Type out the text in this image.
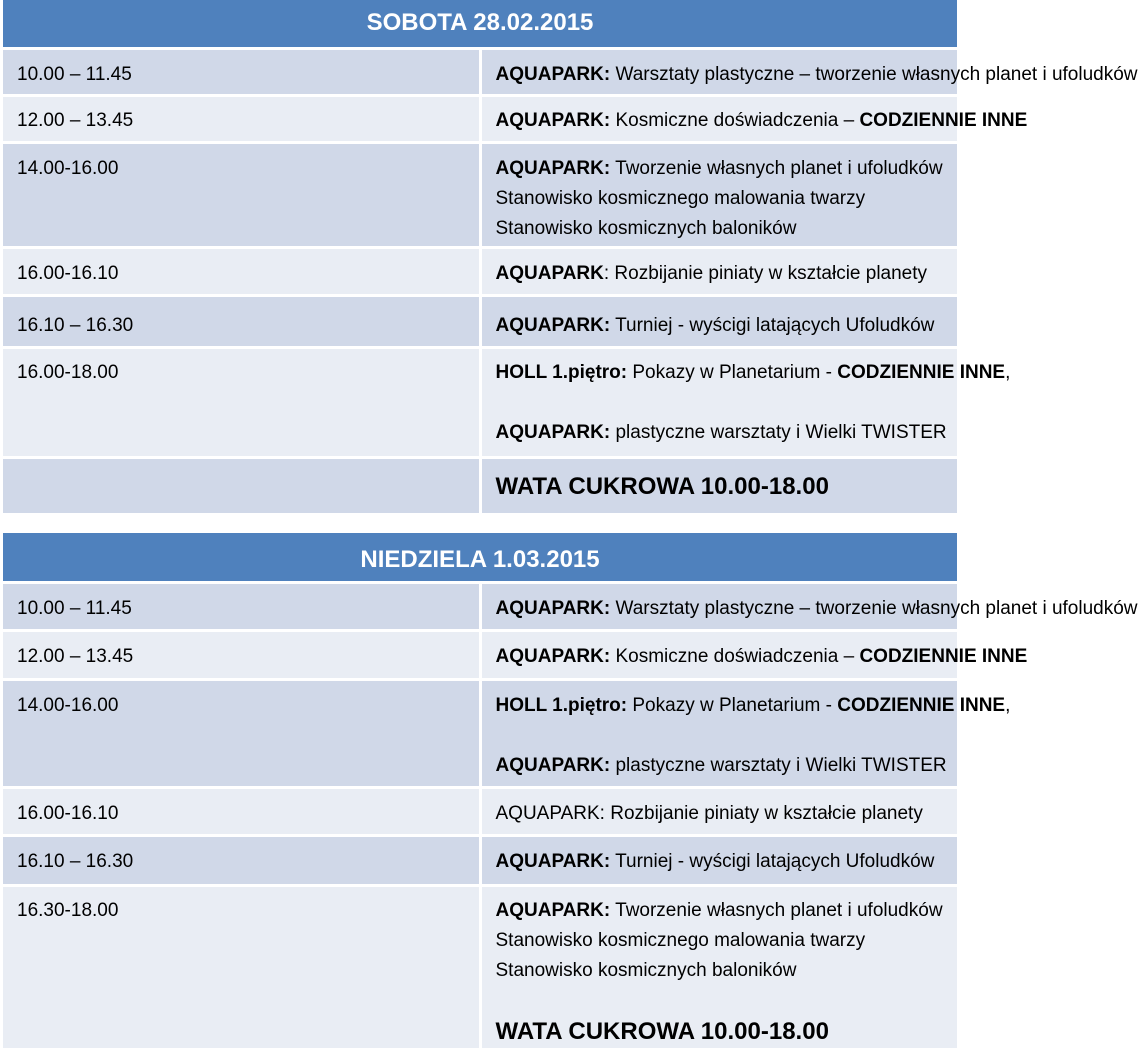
SOBOTA 28.02.2015	

10.00 – 11.45	AQUAPARK: Warsztaty plastyczne – tworzenie własnych planet i ufoludków

12.00 – 13.45	AQUAPARK: Kosmiczne doświadczenia – CODZIENNIE INNE

14.00-16.00	AQUAPARK: Tworzenie własnych planet i ufoludków
Stanowisko kosmicznego malowania twarzy
Stanowisko kosmicznych baloników

16.00-16.10	AQUAPARK: Rozbijanie piniaty w kształcie planety

16.10 – 16.30	AQUAPARK: Turniej - wyścigi latających Ufoludków

16.00-18.00	HOLL 1.piętro: Pokazy w Planetarium - CODZIENNIE INNE,
AQUAPARK: plastyczne warsztaty i Wielki TWISTER

	WATA CUKROWA 10.00-18.00
NIEDZIELA 1.03.2015	

10.00 – 11.45	AQUAPARK: Warsztaty plastyczne – tworzenie własnych planet i ufoludków

12.00 – 13.45	AQUAPARK: Kosmiczne doświadczenia – CODZIENNIE INNE

14.00-16.00	HOLL 1.piętro: Pokazy w Planetarium - CODZIENNIE INNE,
AQUAPARK: plastyczne warsztaty i Wielki TWISTER

16.00-16.10	AQUAPARK: Rozbijanie piniaty w kształcie planety

16.10 – 16.30	AQUAPARK: Turniej - wyścigi latających Ufoludków

16.30-18.00	AQUAPARK: Tworzenie własnych planet i ufoludków
Stanowisko kosmicznego malowania twarzy
Stanowisko kosmicznych baloników
WATA CUKROWA 10.00-18.00
